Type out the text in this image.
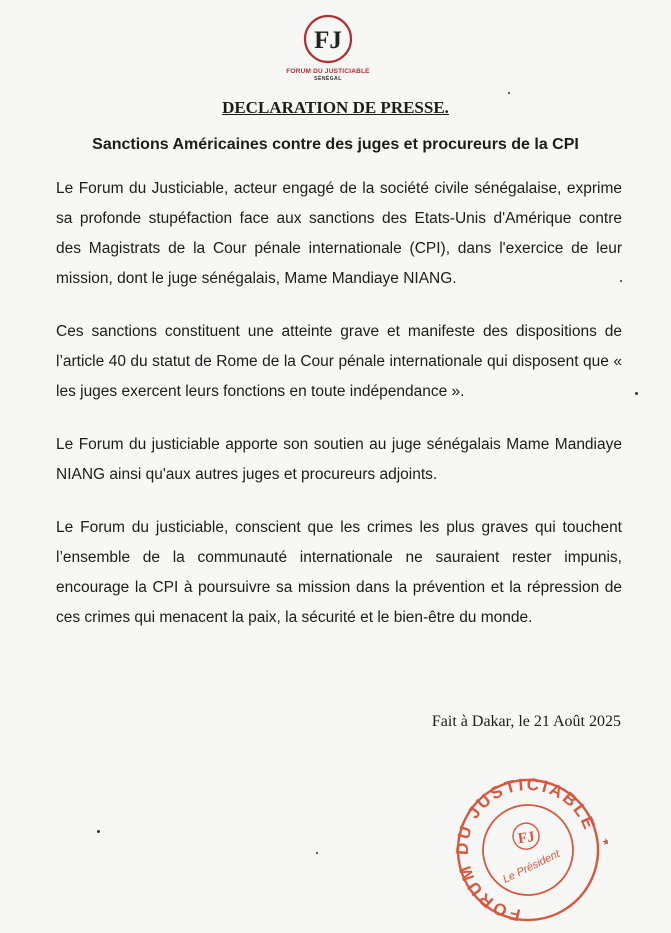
FJ
FORUM DU JUSTICIABLE
SÉNÉGAL
DECLARATION DE PRESSE.
Sanctions Américaines contre des juges et procureurs de la CPI

Le Forum du Justiciable, acteur engagé de la société civile sénégalaise, exprime sa profonde stupéfaction face aux sanctions des Etats-Unis d'Amérique contre des Magistrats de la Cour pénale internationale (CPI), dans l'exercice de leur mission, dont le juge sénégalais, Mame Mandiaye NIANG.

Ces sanctions constituent une atteinte grave et manifeste des dispositions de l’article 40 du statut de Rome de la Cour pénale internationale qui disposent que « les juges exercent leurs fonctions en toute indépendance ».

Le Forum du justiciable apporte son soutien au juge sénégalais Mame Mandiaye NIANG ainsi qu'aux autres juges et procureurs adjoints.

Le Forum du justiciable, conscient que les crimes les plus graves qui touchent l’ensemble de la communauté internationale ne sauraient rester impunis, encourage la CPI à poursuivre sa mission dans la prévention et la répression de ces crimes qui menacent la paix, la sécurité et le bien-être du monde.

Fait à Dakar, le 21 Août 2025
FORUM DU JUSTICIABLE
★
FJ
Le Président
